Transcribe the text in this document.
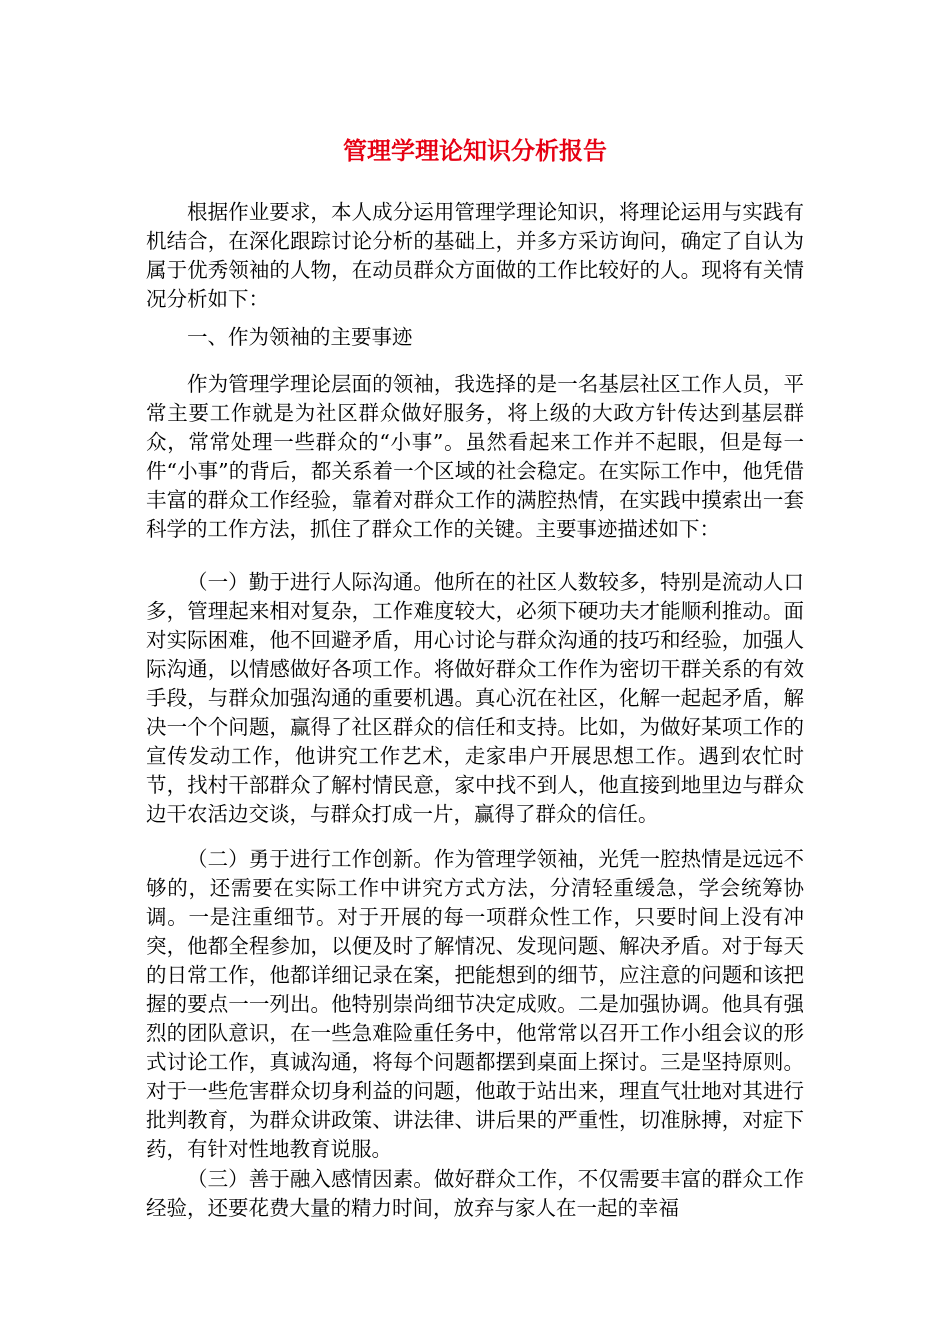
管理学理论知识分析报告

根据作业要求，本人成分运用管理学理论知识，将理论运用与实践有机结合，在深化跟踪讨论分析的基础上，并多方采访询问，确定了自认为属于优秀领袖的人物，在动员群众方面做的工作比较好的人。现将有关情况分析如下：

一、作为领袖的主要事迹

作为管理学理论层面的领袖，我选择的是一名基层社区工作人员，平常主要工作就是为社区群众做好服务，将上级的大政方针传达到基层群众，常常处理一些群众的“小事”。虽然看起来工作并不起眼，但是每一件“小事”的背后，都关系着一个区域的社会稳定。在实际工作中，他凭借丰富的群众工作经验，靠着对群众工作的满腔热情，在实践中摸索出一套科学的工作方法，抓住了群众工作的关键。主要事迹描述如下：

（一）勤于进行人际沟通。他所在的社区人数较多，特别是流动人口多，管理起来相对复杂，工作难度较大，必须下硬功夫才能顺利推动。面对实际困难，他不回避矛盾，用心讨论与群众沟通的技巧和经验，加强人际沟通，以情感做好各项工作。将做好群众工作作为密切干群关系的有效手段，与群众加强沟通的重要机遇。真心沉在社区，化解一起起矛盾，解决一个个问题，赢得了社区群众的信任和支持。比如，为做好某项工作的宣传发动工作，他讲究工作艺术，走家串户开展思想工作。遇到农忙时节，找村干部群众了解村情民意，家中找不到人，他直接到地里边与群众边干农活边交谈，与群众打成一片，赢得了群众的信任。

（二）勇于进行工作创新。作为管理学领袖，光凭一腔热情是远远不够的，还需要在实际工作中讲究方式方法，分清轻重缓急，学会统筹协调。一是注重细节。对于开展的每一项群众性工作，只要时间上没有冲突，他都全程参加，以便及时了解情况、发现问题、解决矛盾。对于每天的日常工作，他都详细记录在案，把能想到的细节，应注意的问题和该把握的要点一一列出。他特别崇尚细节决定成败。二是加强协调。他具有强烈的团队意识，在一些急难险重任务中，他常常以召开工作小组会议的形式讨论工作，真诚沟通，将每个问题都摆到桌面上探讨。三是坚持原则。对于一些危害群众切身利益的问题，他敢于站出来，理直气壮地对其进行批判教育，为群众讲政策、讲法律、讲后果的严重性，切准脉搏，对症下药，有针对性地教育说服。

（三）善于融入感情因素。做好群众工作，不仅需要丰富的群众工作经验，还要花费大量的精力时间，放弃与家人在一起的幸福
